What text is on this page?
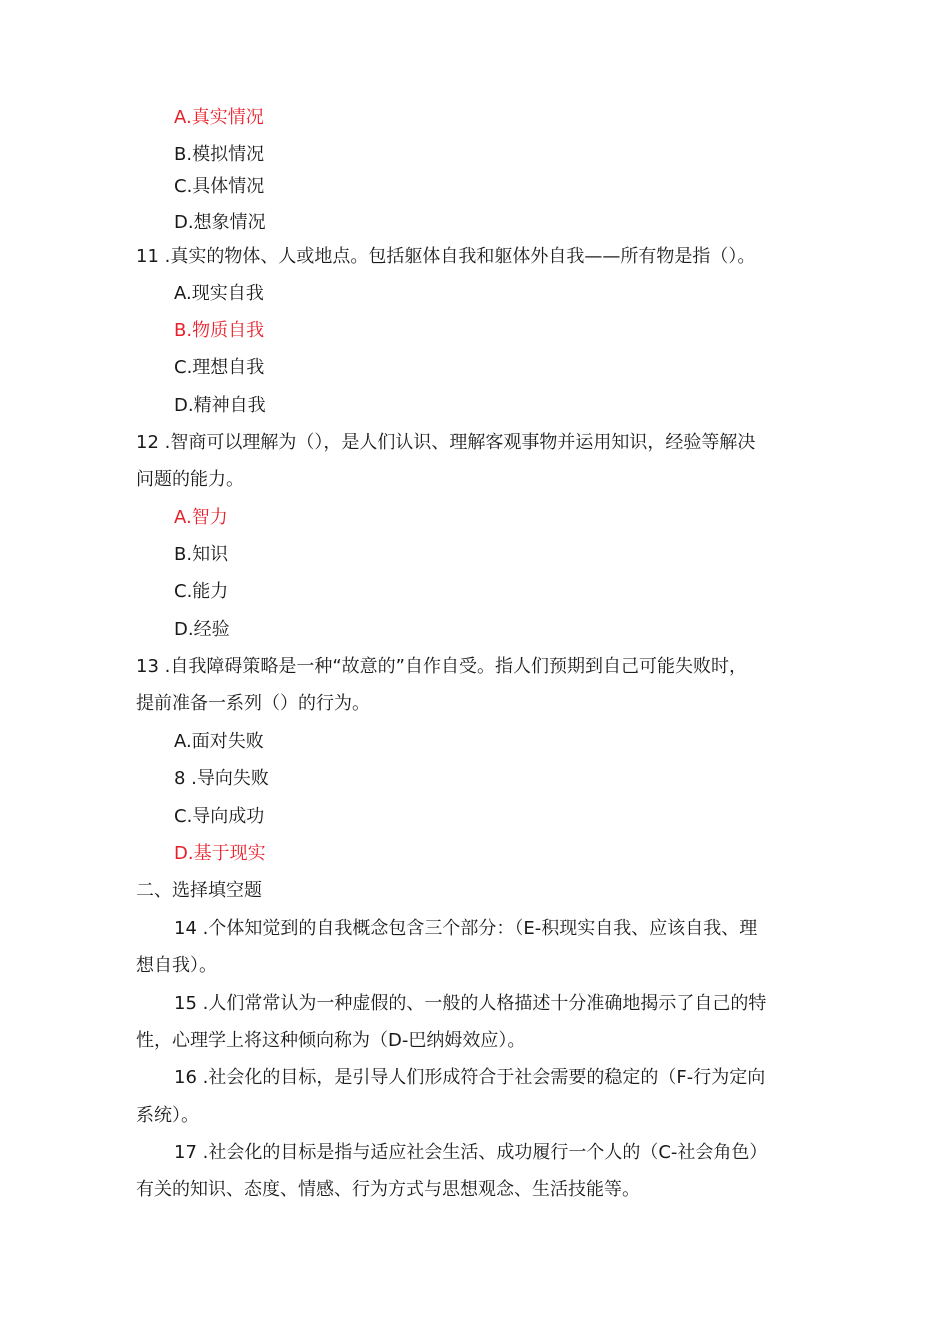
A.真实情况
B.模拟情况
C.具体情况
D.想象情况
11 .真实的物体、人或地点。包括躯体自我和躯体外自我——所有物是指（）。
A.现实自我
B.物质自我
C.理想自我
D.精神自我
12 .智商可以理解为（），是人们认识、理解客观事物并运用知识，经验等解决
问题的能力。
A.智力
B.知识
C.能力
D.经验
13 .自我障碍策略是一种“故意的”自作自受。指人们预期到自己可能失败时，
提前准备一系列（）的行为。
A.面对失败
8 .导向失败
C.导向成功
D.基于现实
二、选择填空题
14 .个体知觉到的自我概念包含三个部分：（E-积现实自我、应该自我、理
想自我）。
15 .人们常常认为一种虚假的、一般的人格描述十分准确地揭示了自己的特
性，心理学上将这种倾向称为（D-巴纳姆效应）。
16 .社会化的目标，是引导人们形成符合于社会需要的稳定的（F-行为定向
系统）。
17 .社会化的目标是指与适应社会生活、成功履行一个人的（C-社会角色）
有关的知识、态度、情感、行为方式与思想观念、生活技能等。
